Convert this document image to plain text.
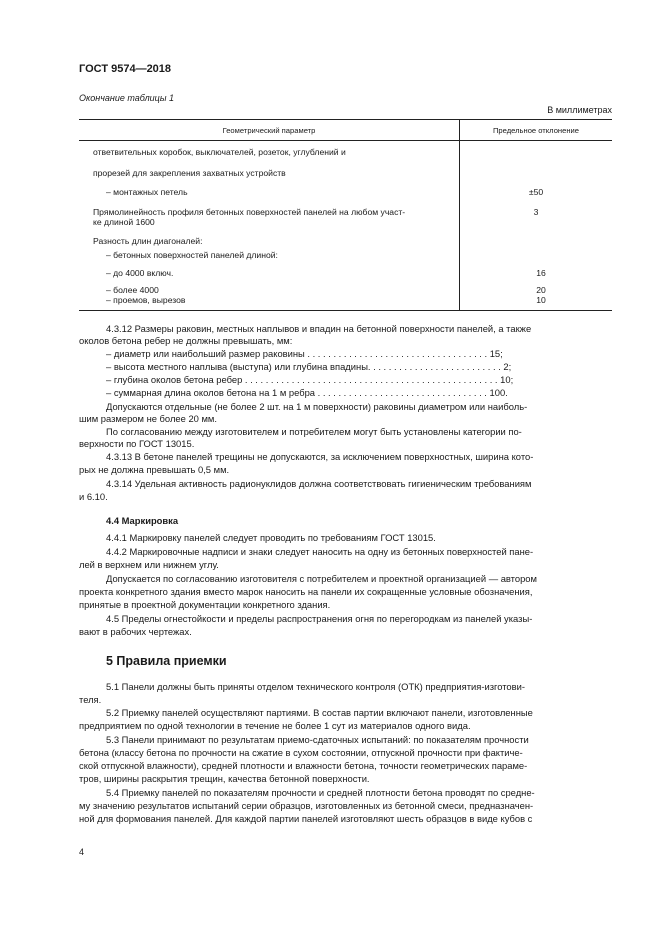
ГОСТ 9574—2018
Окончание таблицы 1
В миллиметрах
Геометрический параметр	Предельное отклонение
ответвительных коробок, выключателей, розеток, углублений и	
прорезей для закрепления захватных устройств	
– монтажных петель	±50
Прямолинейность профиля бетонных поверхностей панелей на любом участ-	3
ке длиной 1600	
Разность длин диагоналей:	
– бетонных поверхностей панелей длиной:	
– до 4000 включ.	16
– более 4000	20
– проемов, вырезов	10
4.3.12 Размеры раковин, местных наплывов и впадин на бетонной поверхности панелей, а также
околов бетона ребер не должны превышать, мм:
– диаметр или наибольший размер раковины . . . . . . . . . . . . . . . . . . . . . . . . . . . . . . . . . . . 15;
– высота местного наплыва (выступа) или глубина впадины. . . . . . . . . . . . . . . . . . . . . . . . . . 2;
– глубина околов бетона ребер . . . . . . . . . . . . . . . . . . . . . . . . . . . . . . . . . . . . . . . . . . . . . . . . . 10;
– суммарная длина околов бетона на 1 м ребра . . . . . . . . . . . . . . . . . . . . . . . . . . . . . . . . . 100.
Допускаются отдельные (не более 2 шт. на 1 м поверхности) раковины диаметром или наиболь-
шим размером не более 20 мм.
По согласованию между изготовителем и потребителем могут быть установлены категории по-
верхности по ГОСТ 13015.
4.3.13 В бетоне панелей трещины не допускаются, за исключением поверхностных, ширина кото-
рых не должна превышать 0,5 мм.
4.3.14 Удельная активность радионуклидов должна соответствовать гигиеническим требованиям
и 6.10.
4.4 Маркировка
4.4.1 Маркировку панелей следует проводить по требованиям ГОСТ 13015.
4.4.2 Маркировочные надписи и знаки следует наносить на одну из бетонных поверхностей пане-
лей в верхнем или нижнем углу.
Допускается по согласованию изготовителя с потребителем и проектной организацией — автором
проекта конкретного здания вместо марок наносить на панели их сокращенные условные обозначения,
принятые в проектной документации конкретного здания.
4.5 Пределы огнестойкости и пределы распространения огня по перегородкам из панелей указы-
вают в рабочих чертежах.
5 Правила приемки
5.1 Панели должны быть приняты отделом технического контроля (ОТК) предприятия-изготови-
теля.
5.2 Приемку панелей осуществляют партиями. В состав партии включают панели, изготовленные
предприятием по одной технологии в течение не более 1 сут из материалов одного вида.
5.3 Панели принимают по результатам приемо-сдаточных испытаний: по показателям прочности
бетона (классу бетона по прочности на сжатие в сухом состоянии, отпускной прочности при фактиче-
ской отпускной влажности), средней плотности и влажности бетона, точности геометрических параме-
тров, ширины раскрытия трещин, качества бетонной поверхности.
5.4 Приемку панелей по показателям прочности и средней плотности бетона проводят по средне-
му значению результатов испытаний серии образцов, изготовленных из бетонной смеси, предназначен-
ной для формования панелей. Для каждой партии панелей изготовляют шесть образцов в виде кубов с
4
